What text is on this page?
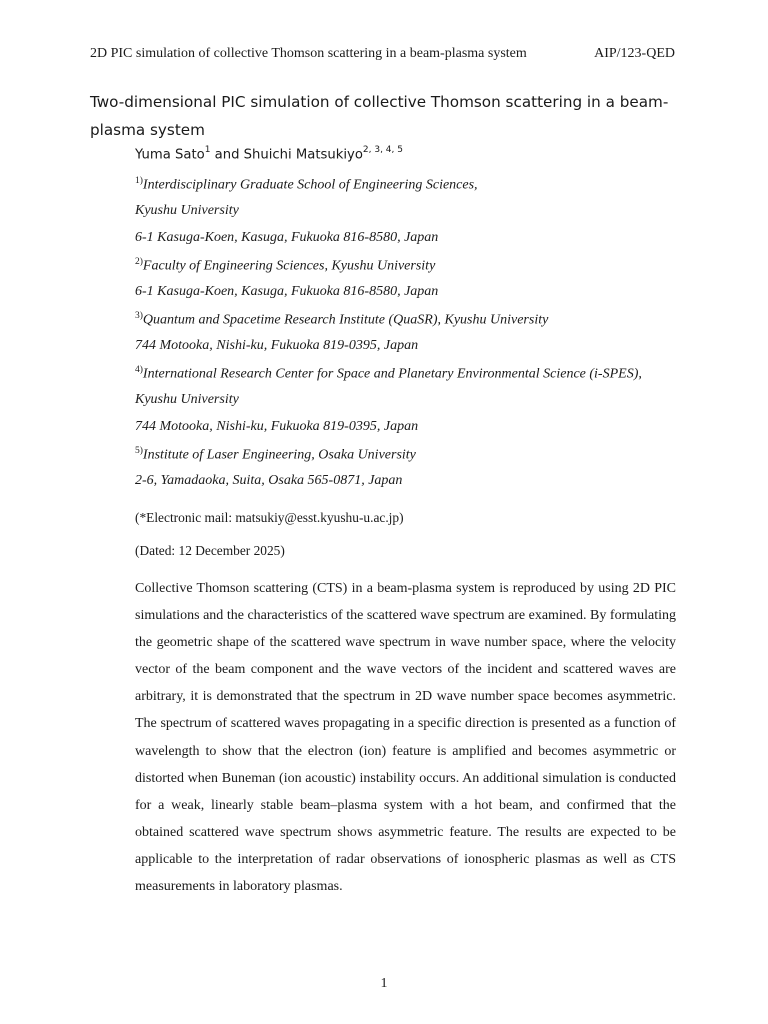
2D PIC simulation of collective Thomson scattering in a beam-plasma system	AIP/123-QED
Two-dimensional PIC simulation of collective Thomson scattering in a beam-plasma system
Yuma Sato$^1$ and Shuichi Matsukiyo$^{2, 3, 4, 5}$
$^{1)}$Interdisciplinary Graduate School of Engineering Sciences,
Kyushu University
6-1 Kasuga-Koen, Kasuga, Fukuoka 816-8580, Japan
$^{2)}$Faculty of Engineering Sciences, Kyushu University
6-1 Kasuga-Koen, Kasuga, Fukuoka 816-8580, Japan
$^{3)}$Quantum and Spacetime Research Institute (QuaSR), Kyushu University
744 Motooka, Nishi-ku, Fukuoka 819-0395, Japan
$^{4)}$International Research Center for Space and Planetary Environmental Science (i-SPES),
Kyushu University
744 Motooka, Nishi-ku, Fukuoka 819-0395, Japan
$^{5)}$Institute of Laser Engineering, Osaka University
2-6, Yamadaoka, Suita, Osaka 565-0871, Japan
(*Electronic mail: matsukiy@esst.kyushu-u.ac.jp)
(Dated: 12 December 2025)
Collective Thomson scattering (CTS) in a beam-plasma system is reproduced by using 2D PIC simulations and the characteristics of the scattered wave spectrum are examined. By formulating the geometric shape of the scattered wave spectrum in wave number space, where the velocity vector of the beam component and the wave vectors of the incident and scattered waves are arbitrary, it is demonstrated that the spectrum in 2D wave number space becomes asymmetric. The spectrum of scattered waves propagating in a specific direction is presented as a function of wavelength to show that the electron (ion) feature is amplified and becomes asymmetric or distorted when Buneman (ion acoustic) instability occurs. An additional simulation is conducted for a weak, linearly stable beam–plasma system with a hot beam, and confirmed that the obtained scattered wave spectrum shows asymmetric feature. The results are expected to be applicable to the interpretation of radar observations of ionospheric plasmas as well as CTS measurements in laboratory plasmas.
1
